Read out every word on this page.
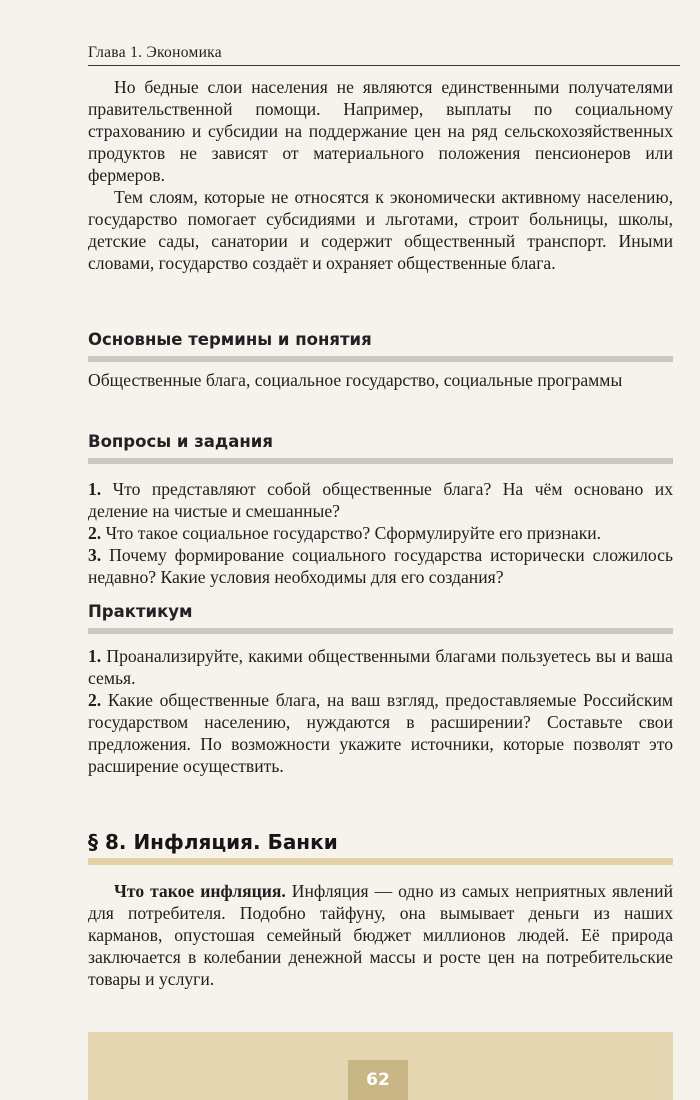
Глава 1. Экономика

Но бедные слои населения не являются единственными получателями правительственной помощи. Например, выплаты по социальному страхованию и субсидии на поддержание цен на ряд сельскохозяйственных продуктов не зависят от материального положения пенсионеров или фермеров.

Тем слоям, которые не относятся к экономически активному населению, государство помогает субсидиями и льготами, строит больницы, школы, детские сады, санатории и содержит общественный транспорт. Иными словами, государство создаёт и охраняет общественные блага.

Основные термины и понятия

Общественные блага, социальное государство, социальные программы

Вопросы и задания

1. Что представляют собой общественные блага? На чём основано их деление на чистые и смешанные?

2. Что такое социальное государство? Сформулируйте его признаки.

3. Почему формирование социального государства исторически сложилось недавно? Какие условия необходимы для его создания?

Практикум

1. Проанализируйте, какими общественными благами пользуетесь вы и ваша семья.

2. Какие общественные блага, на ваш взгляд, предоставляемые Российским государством населению, нуждаются в расширении? Составьте свои предложения. По возможности укажите источники, которые позволят это расширение осуществить.

§ 8. Инфляция. Банки

Что такое инфляция. Инфляция — одно из самых неприятных явлений для потребителя. Подобно тайфуну, она вымывает деньги из наших карманов, опустошая семейный бюджет миллионов людей. Её природа заключается в колебании денежной массы и росте цен на потребительские товары и услуги.

62
